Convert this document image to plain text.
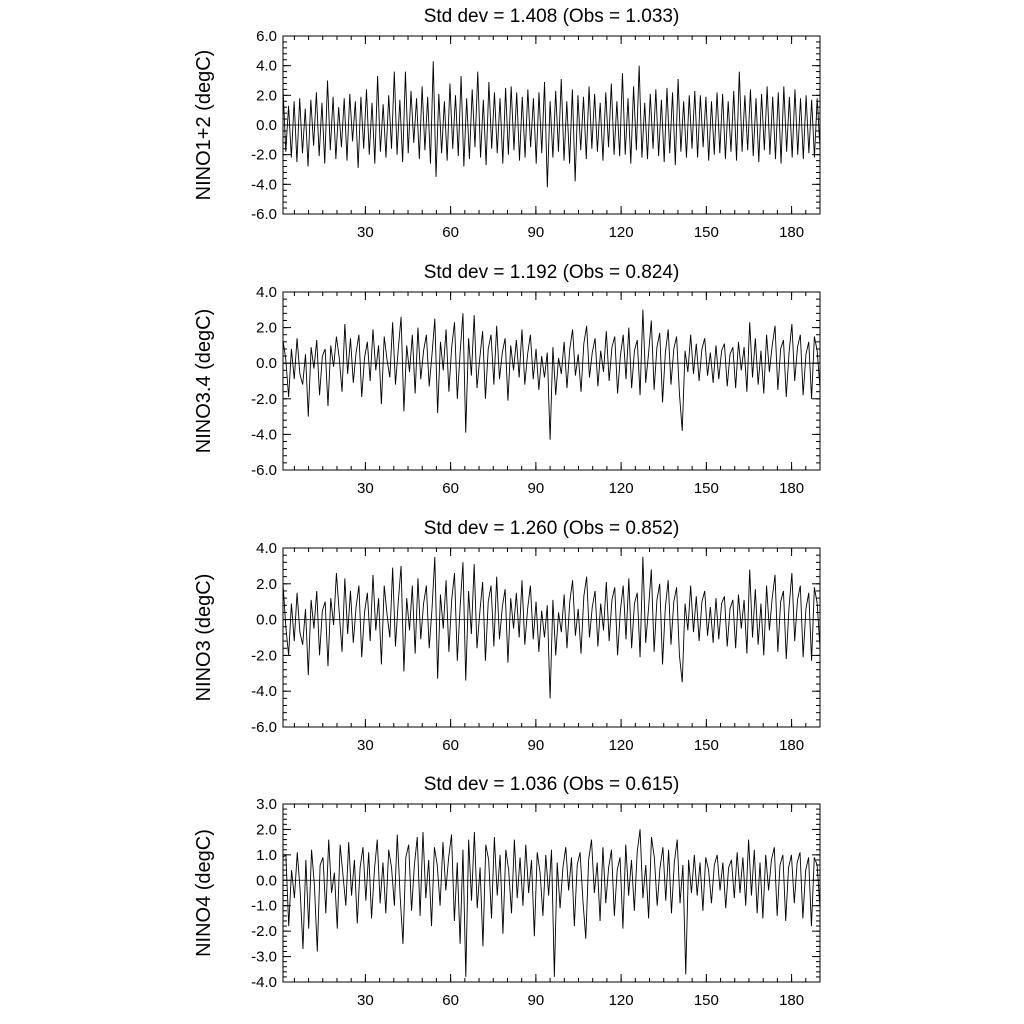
Std dev = 1.408 (Obs = 1.033)
NINO1+2 (degC)
-6.0
-4.0
-2.0
0.0
2.0
4.0
6.0
30	60	90	120	150	180
Std dev = 1.192 (Obs = 0.824)
NINO3.4 (degC)
-6.0
-4.0
-2.0
0.0
2.0
4.0
30	60	90	120	150	180
Std dev = 1.260 (Obs = 0.852)
NINO3 (degC)
-6.0
-4.0
-2.0
0.0
2.0
4.0
30	60	90	120	150	180
Std dev = 1.036 (Obs = 0.615)
NINO4 (degC)
-4.0
-3.0
-2.0
-1.0
0.0
1.0
2.0
3.0
30	60	90	120	150	180
